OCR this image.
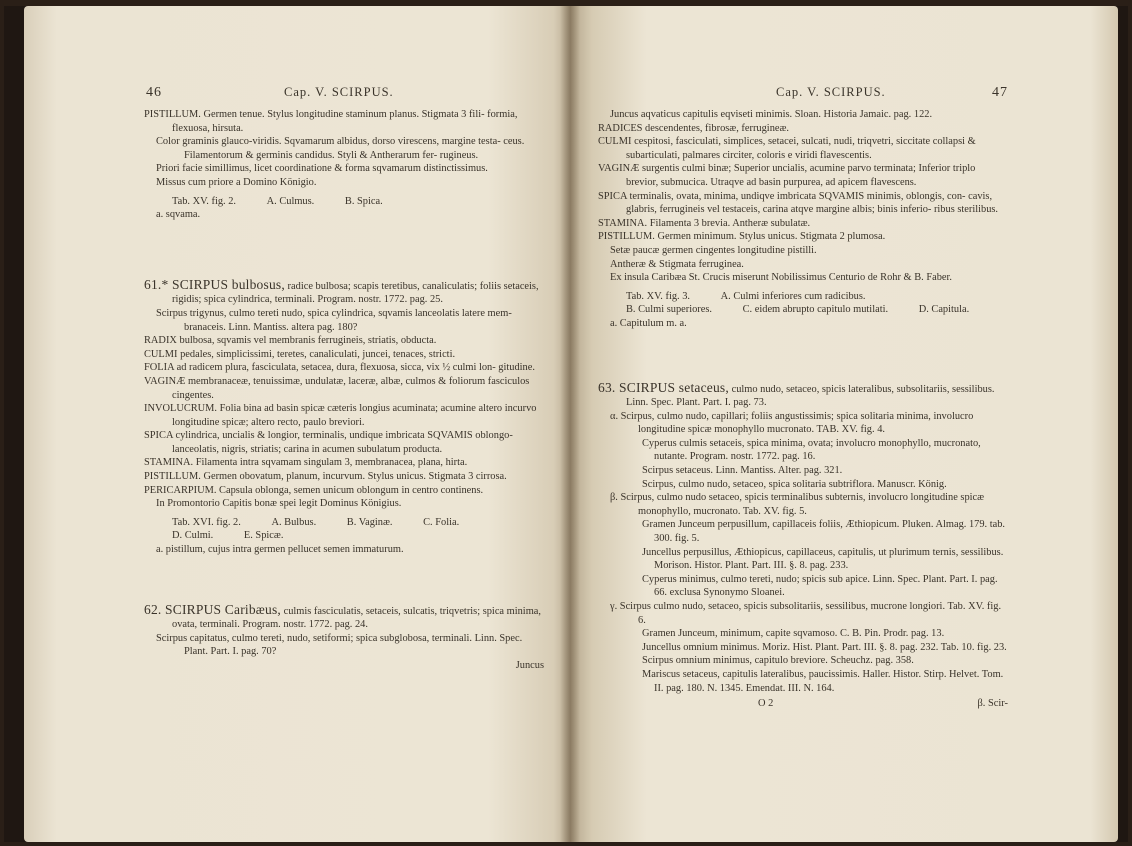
46	Cap. V. SCIRPUS.

PISTILLUM. Germen tenue. Stylus longitudine staminum planus. Stigmata 3 fili- formia, flexuosa, hirsuta.

Color graminis glauco-viridis. Sqvamarum albidus, dorso virescens, margine testa- ceus. Filamentorum & germinis candidus. Styli & Antherarum fer- rugineus.

Priori facie simillimus, licet coordinatione & forma sqvamarum distinctissimus.

Missus cum priore a Domino Königio.

Tab. XV. fig. 2.	A. Culmus.	B. Spica.

a. sqvama.

61.* SCIRPUS bulbosus, radice bulbosa; scapis teretibus, canaliculatis; foliis setaceis, rigidis; spica cylindrica, terminali. Program. nostr. 1772. pag. 25.

Scirpus trigynus, culmo tereti nudo, spica cylindrica, sqvamis lanceolatis latere mem- branaceis. Linn. Mantiss. altera pag. 180?

RADIX bulbosa, sqvamis vel membranis ferrugineis, striatis, obducta.

CULMI pedales, simplicissimi, teretes, canaliculati, juncei, tenaces, stricti.

FOLIA ad radicem plura, fasciculata, setacea, dura, flexuosa, sicca, vix ½ culmi lon- gitudine.

VAGINÆ membranaceæ, tenuissimæ, undulatæ, laceræ, albæ, culmos & foliorum fasciculos cingentes.

INVOLUCRUM. Folia bina ad basin spicæ cæteris longius acuminata; acumine altero incurvo longitudine spicæ; altero recto, paulo breviori.

SPICA cylindrica, uncialis & longior, terminalis, undique imbricata SQVAMIS oblongo- lanceolatis, nigris, striatis; carina in acumen subulatum producta.

STAMINA. Filamenta intra sqvamam singulam 3, membranacea, plana, hirta.

PISTILLUM. Germen obovatum, planum, incurvum. Stylus unicus. Stigmata 3 cirrosa.

PERICARPIUM. Capsula oblonga, semen unicum oblongum in centro continens.

In Promontorio Capitis bonæ spei legit Dominus Königius.

Tab. XVI. fig. 2.	A. Bulbus.	B. Vaginæ.	C. Folia. D. Culmi.	E. Spicæ.

a. pistillum, cujus intra germen pellucet semen immaturum.

62. SCIRPUS Caribæus, culmis fasciculatis, setaceis, sulcatis, triqvetris; spica minima, ovata, terminali. Program. nostr. 1772. pag. 24.

Scirpus capitatus, culmo tereti, nudo, setiformi; spica subglobosa, terminali. Linn. Spec. Plant. Part. I. pag. 70?

Juncus

Cap. V. SCIRPUS.	47

Juncus aqvaticus capitulis eqviseti minimis. Sloan. Historia Jamaic. pag. 122.

RADICES descendentes, fibrosæ, ferrugineæ.

CULMI cespitosi, fasciculati, simplices, setacei, sulcati, nudi, triqvetri, siccitate collapsi & subarticulati, palmares circiter, coloris e viridi flavescentis.

VAGINÆ surgentis culmi binæ; Superior uncialis, acumine parvo terminata; Inferior triplo brevior, submucica. Utraqve ad basin purpurea, ad apicem flavescens.

SPICA terminalis, ovata, minima, undiqve imbricata SQVAMIS minimis, oblongis, con- cavis, glabris, ferrugineis vel testaceis, carina atqve margine albis; binis inferio- ribus sterilibus.

STAMINA. Filamenta 3 brevia. Antheræ subulatæ.

PISTILLUM. Germen minimum. Stylus unicus. Stigmata 2 plumosa.

Setæ paucæ germen cingentes longitudine pistilli.

Antheræ & Stigmata ferruginea.

Ex insula Caribæa St. Crucis miserunt Nobilissimus Centurio de Rohr & B. Faber.

Tab. XV. fig. 3.	A. Culmi inferiores cum radicibus. B. Culmi superiores.	C. eidem abrupto capitulo mutilati.	D. Capitula.

a. Capitulum m. a.

63. SCIRPUS setaceus, culmo nudo, setaceo, spicis lateralibus, subsolitariis, sessilibus. Linn. Spec. Plant. Part. I. pag. 73.

α. Scirpus, culmo nudo, capillari; foliis angustissimis; spica solitaria minima, involucro longitudine spicæ monophyllo mucronato. TAB. XV. fig. 4.

Cyperus culmis setaceis, spica minima, ovata; involucro monophyllo, mucronato, nutante. Program. nostr. 1772. pag. 16.

Scirpus setaceus. Linn. Mantiss. Alter. pag. 321.

Scirpus, culmo nudo, setaceo, spica solitaria subtriflora. Manuscr. König.

β. Scirpus, culmo nudo setaceo, spicis terminalibus subternis, involucro longitudine spicæ monophyllo, mucronato. Tab. XV. fig. 5.

Gramen Junceum perpusillum, capillaceis foliis, Æthiopicum. Pluken. Almag. 179. tab. 300. fig. 5.

Juncellus perpusillus, Æthiopicus, capillaceus, capitulis, ut plurimum ternis, sessilibus. Morison. Histor. Plant. Part. III. §. 8. pag. 233.

Cyperus minimus, culmo tereti, nudo; spicis sub apice. Linn. Spec. Plant. Part. I. pag. 66. exclusa Synonymo Sloanei.

γ. Scirpus culmo nudo, setaceo, spicis subsolitariis, sessilibus, mucrone longiori. Tab. XV. fig. 6.

Gramen Junceum, minimum, capite sqvamoso. C. B. Pin. Prodr. pag. 13.

Juncellus omnium minimus. Moriz. Hist. Plant. Part. III. §. 8. pag. 232. Tab. 10. fig. 23.

Scirpus omnium minimus, capitulo breviore. Scheuchz. pag. 358.

Mariscus setaceus, capitulis lateralibus, paucissimis. Haller. Histor. Stirp. Helvet. Tom. II. pag. 180. N. 1345. Emendat. III. N. 164.

O 2	β. Scir-
